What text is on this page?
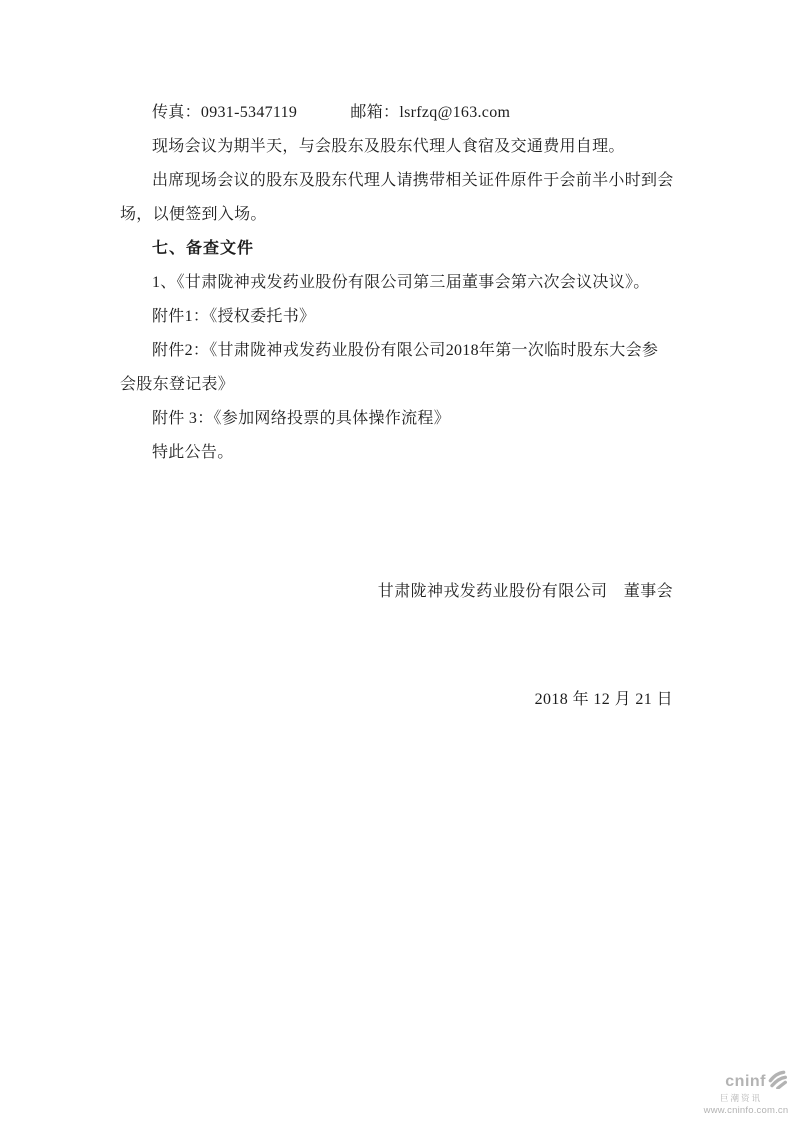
传真：0931-5347119　　　 邮箱：lsrfzq@163.com
现场会议为期半天，与会股东及股东代理人食宿及交通费用自理。
出席现场会议的股东及股东代理人请携带相关证件原件于会前半小时到会
场，以便签到入场。
七、备查文件
1、《甘肃陇神戎发药业股份有限公司第三届董事会第六次会议决议》。
附件1：《授权委托书》
附件2：《甘肃陇神戎发药业股份有限公司2018年第一次临时股东大会参
会股东登记表》
附件 3：《参加网络投票的具体操作流程》
特此公告。

甘肃陇神戎发药业股份有限公司　董事会

2018 年 12 月 21 日

cninf
巨潮资讯
www.cninfo.com.cn
